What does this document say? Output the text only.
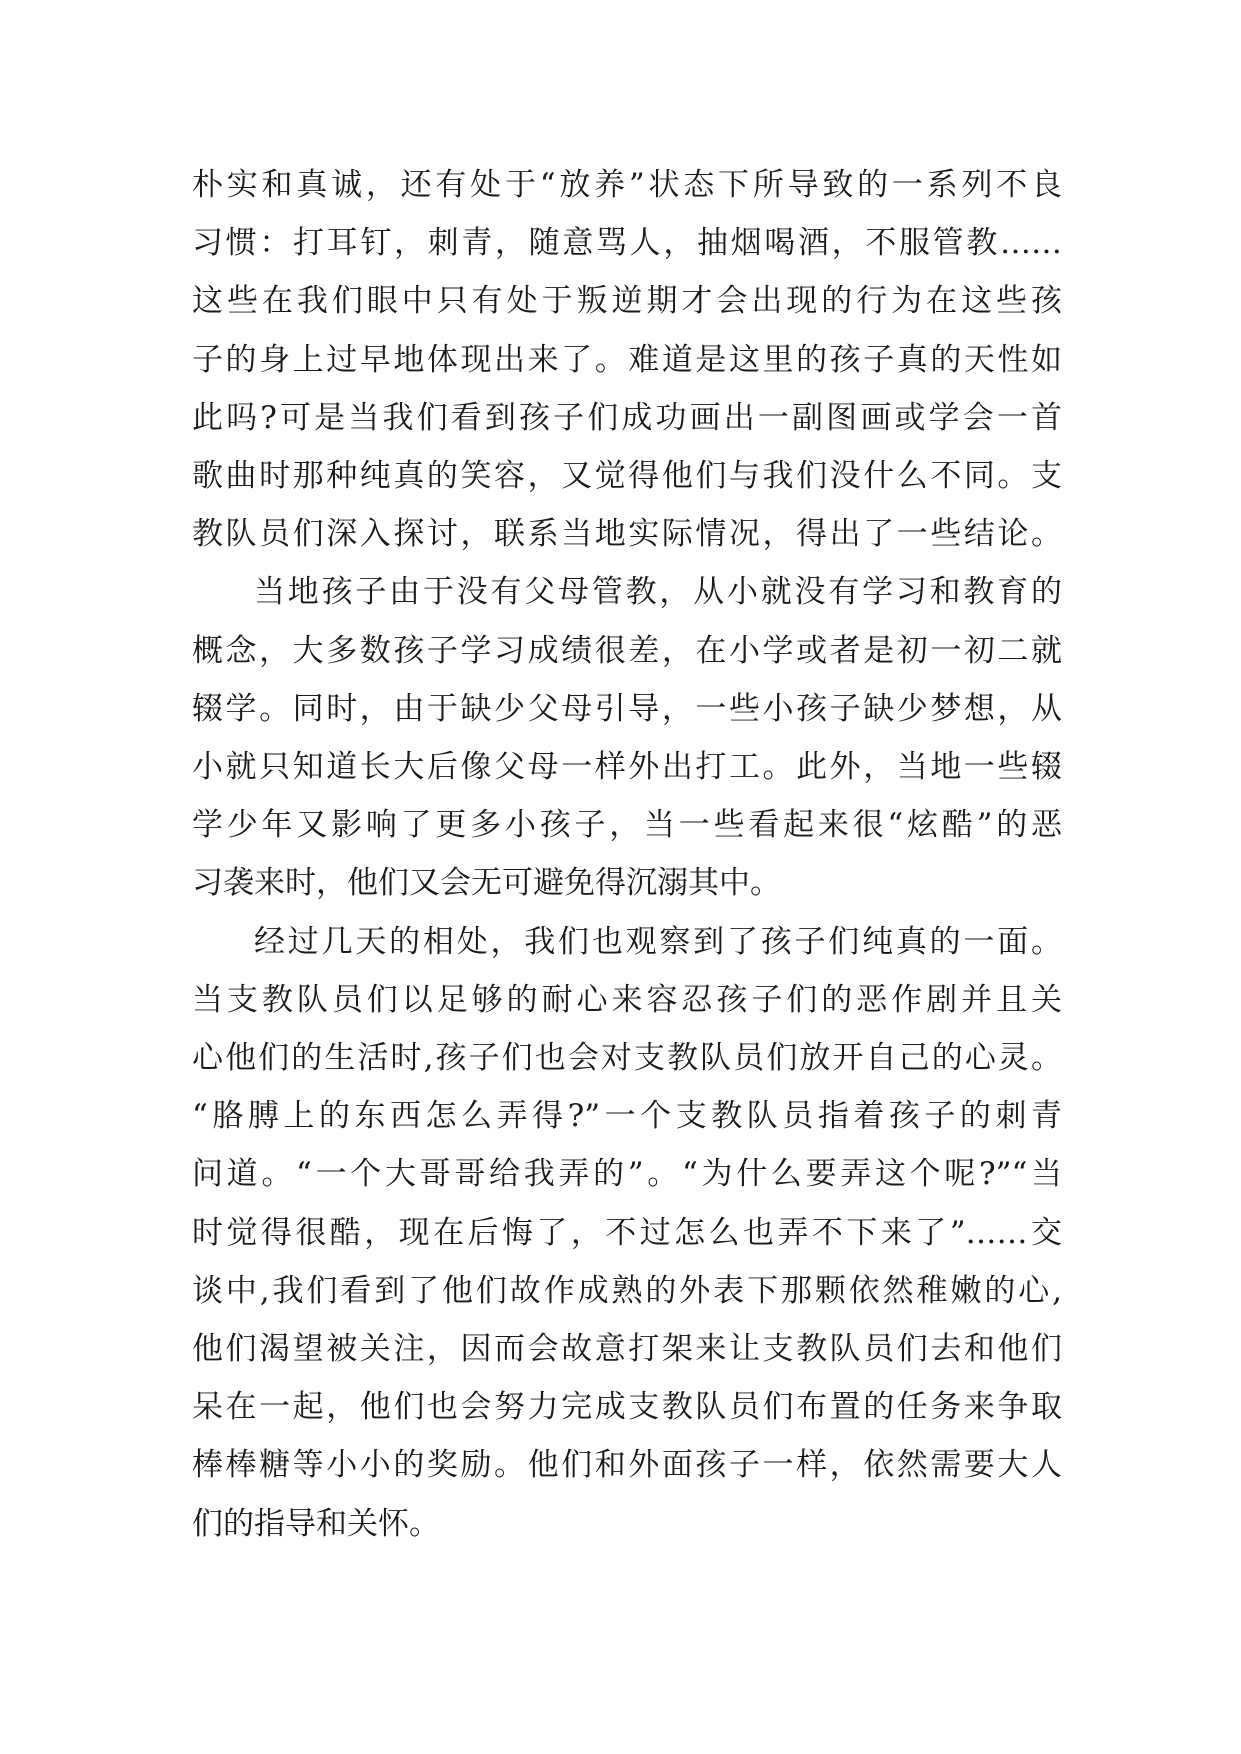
朴实和真诚，还有处于“放养”状态下所导致的一系列不良
习惯：打耳钉，刺青，随意骂人，抽烟喝酒，不服管教……
这些在我们眼中只有处于叛逆期才会出现的行为在这些孩
子的身上过早地体现出来了。难道是这里的孩子真的天性如
此吗?可是当我们看到孩子们成功画出一副图画或学会一首
歌曲时那种纯真的笑容，又觉得他们与我们没什么不同。支
教队员们深入探讨，联系当地实际情况，得出了一些结论。
当地孩子由于没有父母管教，从小就没有学习和教育的
概念，大多数孩子学习成绩很差，在小学或者是初一初二就
辍学。同时，由于缺少父母引导，一些小孩子缺少梦想，从
小就只知道长大后像父母一样外出打工。此外，当地一些辍
学少年又影响了更多小孩子，当一些看起来很“炫酷”的恶
习袭来时，他们又会无可避免得沉溺其中。
经过几天的相处，我们也观察到了孩子们纯真的一面。
当支教队员们以足够的耐心来容忍孩子们的恶作剧并且关
心他们的生活时,孩子们也会对支教队员们放开自己的心灵。
“胳膊上的东西怎么弄得?”一个支教队员指着孩子的刺青
问道。“一个大哥哥给我弄的”。“为什么要弄这个呢?”“当
时觉得很酷，现在后悔了，不过怎么也弄不下来了”……交
谈中,我们看到了他们故作成熟的外表下那颗依然稚嫩的心,
他们渴望被关注，因而会故意打架来让支教队员们去和他们
呆在一起，他们也会努力完成支教队员们布置的任务来争取
棒棒糖等小小的奖励。他们和外面孩子一样，依然需要大人
们的指导和关怀。
